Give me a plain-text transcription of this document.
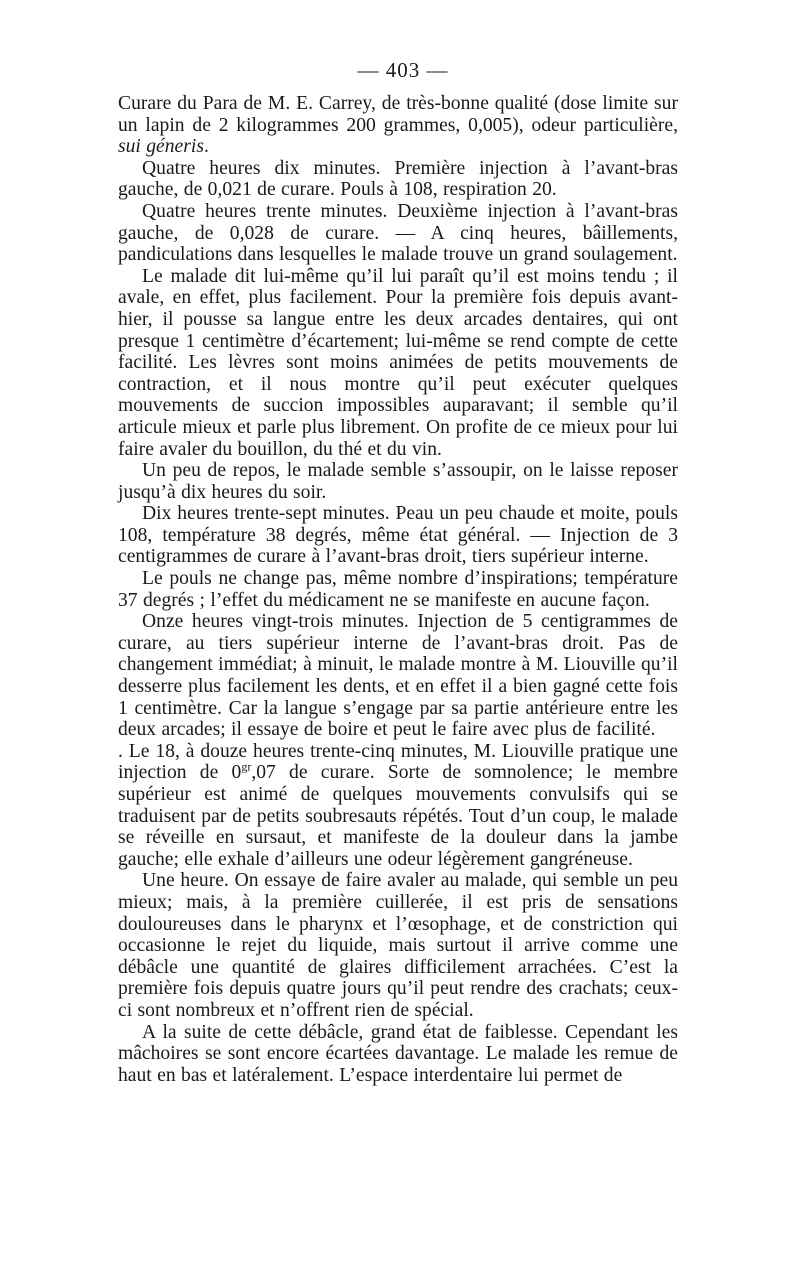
— 403 —

Curare du Para de M. E. Carrey, de très-bonne qualité (dose limite sur un lapin de 2 kilogrammes 200 grammes, 0,005), odeur particulière, sui géneris.

Quatre heures dix minutes. Première injection à l’avant-bras gauche, de 0,021 de curare. Pouls à 108, respiration 20.

Quatre heures trente minutes. Deuxième injection à l’avant-bras gauche, de 0,028 de curare. — A cinq heures, bâillements, pandiculations dans lesquelles le malade trouve un grand soulagement.

Le malade dit lui-même qu’il lui paraît qu’il est moins tendu ; il avale, en effet, plus facilement. Pour la première fois depuis avant-hier, il pousse sa langue entre les deux arcades dentaires, qui ont presque 1 centimètre d’écartement; lui-même se rend compte de cette facilité. Les lèvres sont moins animées de petits mouvements de contraction, et il nous montre qu’il peut exécuter quelques mouvements de succion impossibles auparavant; il semble qu’il articule mieux et parle plus librement. On profite de ce mieux pour lui faire avaler du bouillon, du thé et du vin.

Un peu de repos, le malade semble s’assoupir, on le laisse reposer jusqu’à dix heures du soir.

Dix heures trente-sept minutes. Peau un peu chaude et moite, pouls 108, température 38 degrés, même état général. — Injection de 3 centigrammes de curare à l’avant-bras droit, tiers supérieur interne.

Le pouls ne change pas, même nombre d’inspirations; température 37 degrés ; l’effet du médicament ne se manifeste en aucune façon.

Onze heures vingt-trois minutes. Injection de 5 centigrammes de curare, au tiers supérieur interne de l’avant-bras droit. Pas de changement immédiat; à minuit, le malade montre à M. Liouville qu’il desserre plus facilement les dents, et en effet il a bien gagné cette fois 1 centimètre. Car la langue s’engage par sa partie antérieure entre les deux arcades; il essaye de boire et peut le faire avec plus de facilité.

. Le 18, à douze heures trente-cinq minutes, M. Liouville pratique une injection de $0^{gr},07$ de curare. Sorte de somnolence; le membre supérieur est animé de quelques mouvements convulsifs qui se traduisent par de petits soubresauts répétés. Tout d’un coup, le malade se réveille en sursaut, et manifeste de la douleur dans la jambe gauche; elle exhale d’ailleurs une odeur légèrement gangréneuse.

Une heure. On essaye de faire avaler au malade, qui semble un peu mieux; mais, à la première cuillerée, il est pris de sensations douloureuses dans le pharynx et l’œsophage, et de constriction qui occasionne le rejet du liquide, mais surtout il arrive comme une débâcle une quantité de glaires difficilement arrachées. C’est la première fois depuis quatre jours qu’il peut rendre des crachats; ceux-ci sont nombreux et n’offrent rien de spécial.

A la suite de cette débâcle, grand état de faiblesse. Cependant les mâchoires se sont encore écartées davantage. Le malade les remue de haut en bas et latéralement. L’espace interdentaire lui permet de
